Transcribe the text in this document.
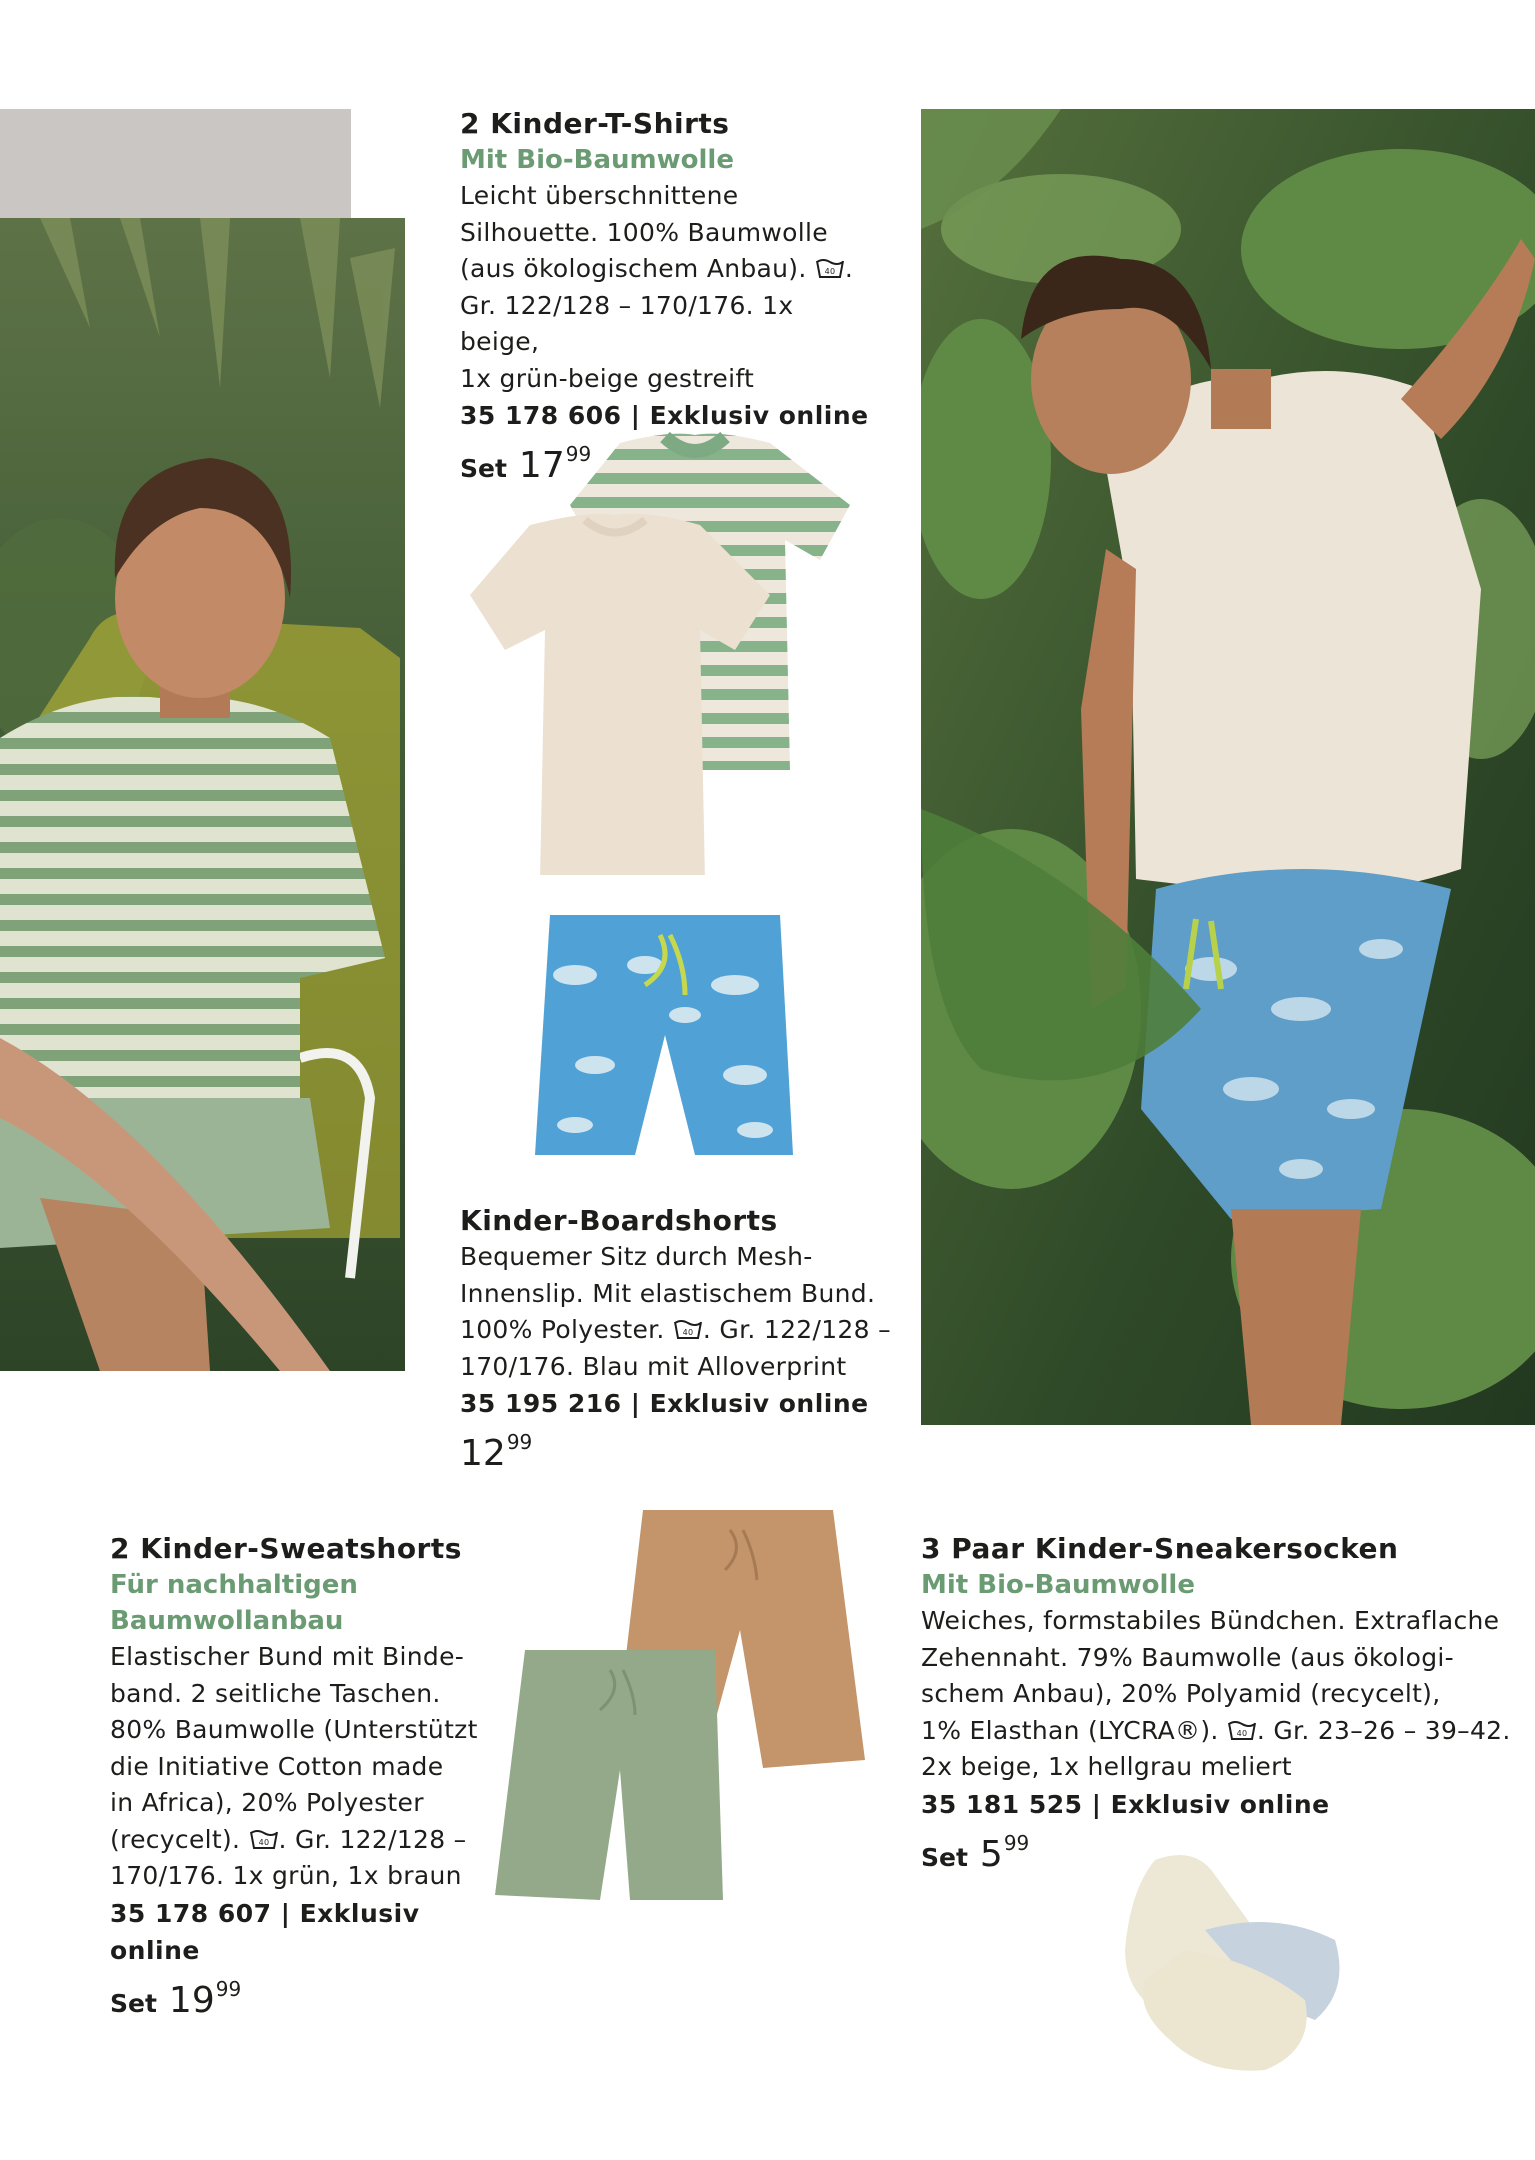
2 Kinder-T-Shirts
Mit Bio-Baumwolle
Leicht überschnittene
Silhouette. 100% Baumwolle
(aus ökologischem Anbau). 40 .
Gr. 122/128 – 170/176. 1x beige,
1x grün-beige gestreift
35 178 606 | Exklusiv online
Set 17 99
Kinder-Boardshorts
Bequemer Sitz durch Mesh-
Innenslip. Mit elastischem Bund.
100% Polyester. 40 . Gr. 122/128 –
170/176. Blau mit Alloverprint
35 195 216 | Exklusiv online
12 99
2 Kinder-Sweatshorts
Für nachhaltigen
Baumwollanbau
Elastischer Bund mit Binde-
band. 2 seitliche Taschen.
80% Baumwolle (Unterstützt
die Initiative Cotton made
in Africa), 20% Polyester
(recycelt). 40 . Gr. 122/128 –
170/176. 1x grün, 1x braun
35 178 607 | Exklusiv online
Set 19 99
3 Paar Kinder-Sneakersocken
Mit Bio-Baumwolle
Weiches, formstabiles Bündchen. Extraflache
Zehennaht. 79% Baumwolle (aus ökologi-
schem Anbau), 20% Polyamid (recycelt),
1% Elasthan (LYCRA®). 40 . Gr. 23–26 – 39–42.
2x beige, 1x hellgrau meliert
35 181 525 | Exklusiv online
Set 5 99
